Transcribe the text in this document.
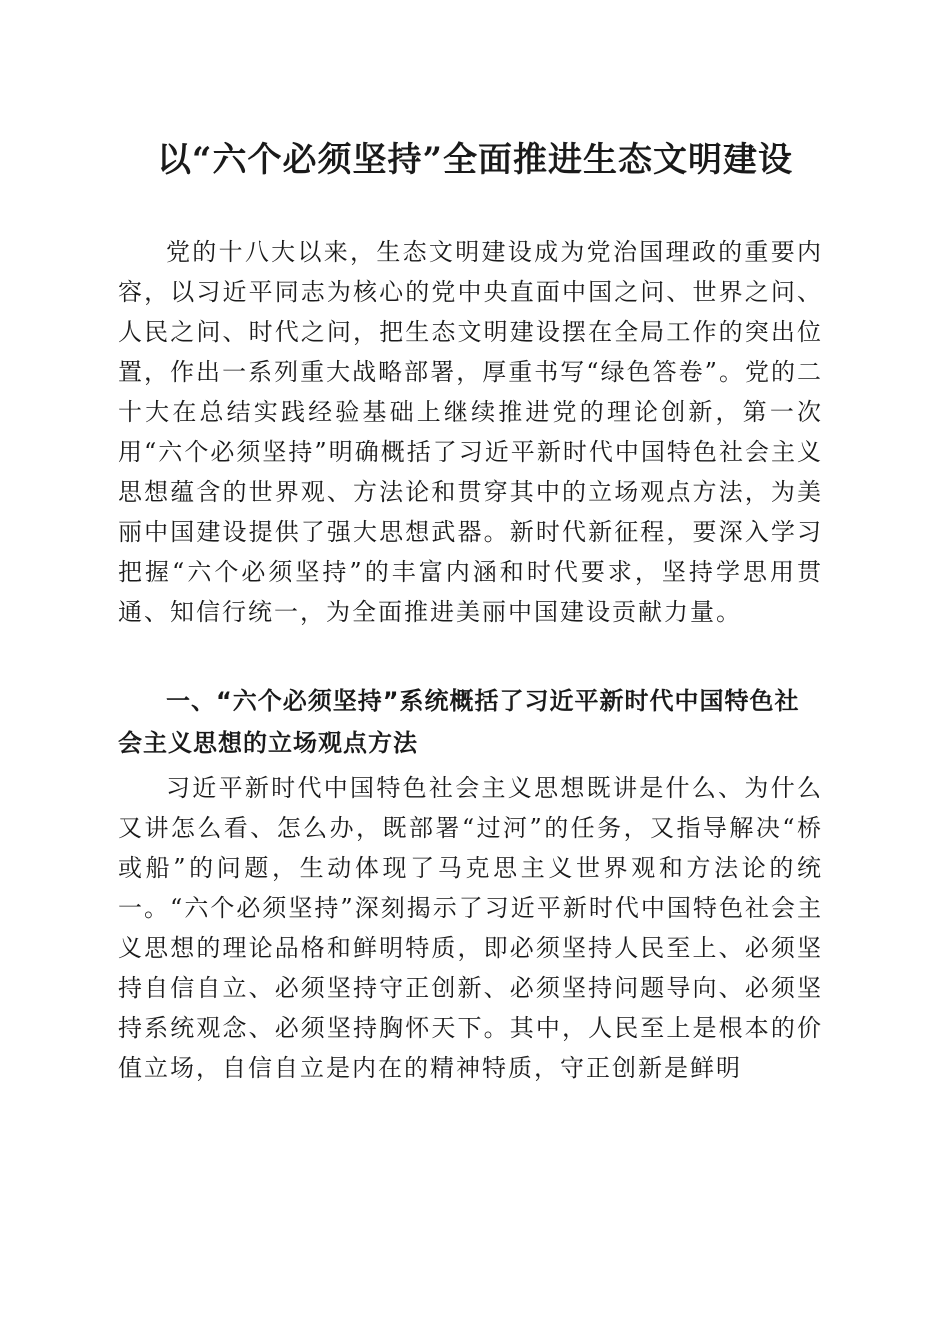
以“六个必须坚持”全面推进生态文明建设

党的十八大以来，生态文明建设成为党治国理政的重要内容，以习近平同志为核心的党中央直面中国之问、世界之问、人民之问、时代之问，把生态文明建设摆在全局工作的突出位置，作出一系列重大战略部署，厚重书写“绿色答卷”。党的二十大在总结实践经验基础上继续推进党的理论创新，第一次用“六个必须坚持”明确概括了习近平新时代中国特色社会主义思想蕴含的世界观、方法论和贯穿其中的立场观点方法，为美丽中国建设提供了强大思想武器。新时代新征程，要深入学习把握“六个必须坚持”的丰富内涵和时代要求，坚持学思用贯通、知信行统一，为全面推进美丽中国建设贡献力量。

一、“六个必须坚持”系统概括了习近平新时代中国特色社会主义思想的立场观点方法

习近平新时代中国特色社会主义思想既讲是什么、为什么又讲怎么看、怎么办，既部署“过河”的任务，又指导解决“桥或船”的问题，生动体现了马克思主义世界观和方法论的统一。“六个必须坚持”深刻揭示了习近平新时代中国特色社会主义思想的理论品格和鲜明特质，即必须坚持人民至上、必须坚持自信自立、必须坚持守正创新、必须坚持问题导向、必须坚持系统观念、必须坚持胸怀天下。其中，人民至上是根本的价值立场，自信自立是内在的精神特质，守正创新是鲜明
